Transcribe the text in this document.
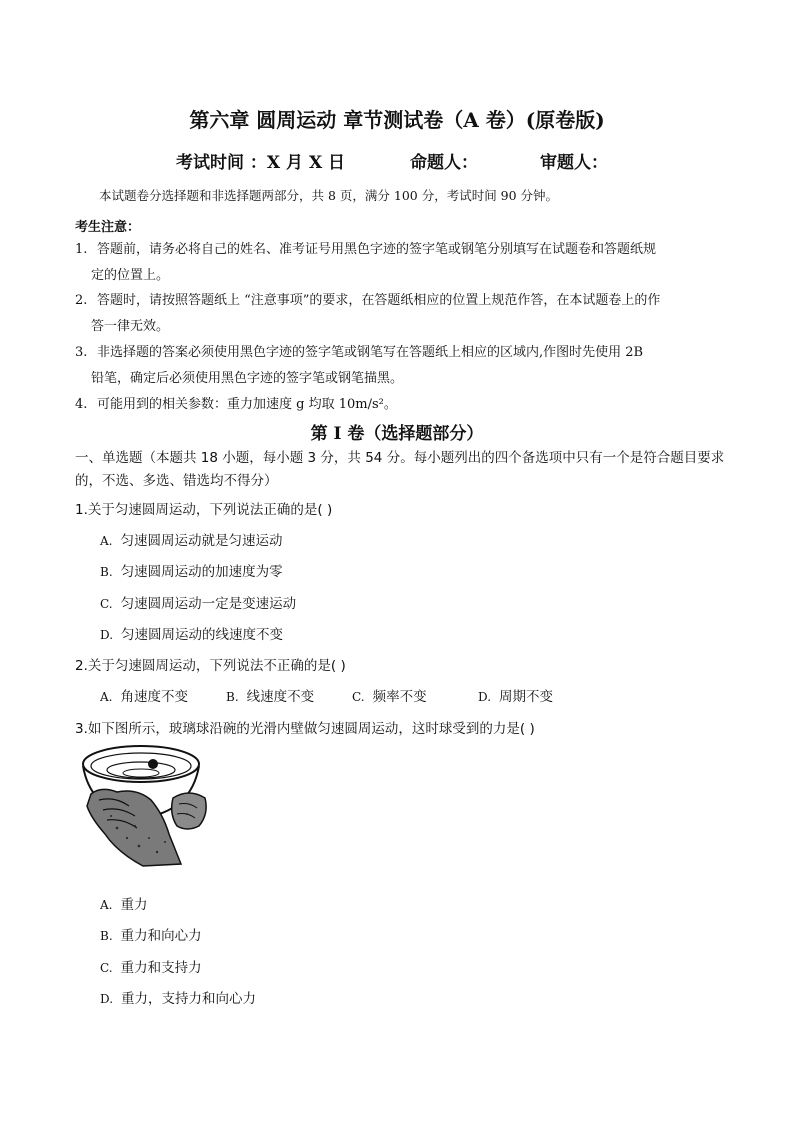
第六章 圆周运动 章节测试卷（A 卷）(原卷版)
考试时间 ：X 月 X 日	命题人：	审题人：
本试题卷分选择题和非选择题两部分，共 8 页，满分 100 分，考试时间 90 分钟。
考生注意：
1. 答题前，请务必将自己的姓名、准考证号用黑色字迹的签字笔或钢笔分别填写在试题卷和答题纸规
定的位置上。
2. 答题时，请按照答题纸上 “注意事项”的要求，在答题纸相应的位置上规范作答，在本试题卷上的作
答一律无效。
3. 非选择题的答案必须使用黑色字迹的签字笔或钢笔写在答题纸上相应的区域内,作图时先使用 2B
铅笔，确定后必须使用黑色字迹的签字笔或钢笔描黑。
4. 可能用到的相关参数：重力加速度 g 均取 10m/s²。
第 I 卷（选择题部分）
一、单选题（本题共 18 小题，每小题 3 分，共 54 分。每小题列出的四个备选项中只有一个是符合题目要求的，不选、多选、错选均不得分）
1.关于匀速圆周运动，下列说法正确的是( )
A. 匀速圆周运动就是匀速运动
B. 匀速圆周运动的加速度为零
C. 匀速圆周运动一定是变速运动
D. 匀速圆周运动的线速度不变
2.关于匀速圆周运动，下列说法不正确的是( )
A. 角速度不变	B. 线速度不变	C. 频率不变	D. 周期不变
3.如下图所示，玻璃球沿碗的光滑内壁做匀速圆周运动，这时球受到的力是( )
A. 重力
B. 重力和向心力
C. 重力和支持力
D. 重力，支持力和向心力
